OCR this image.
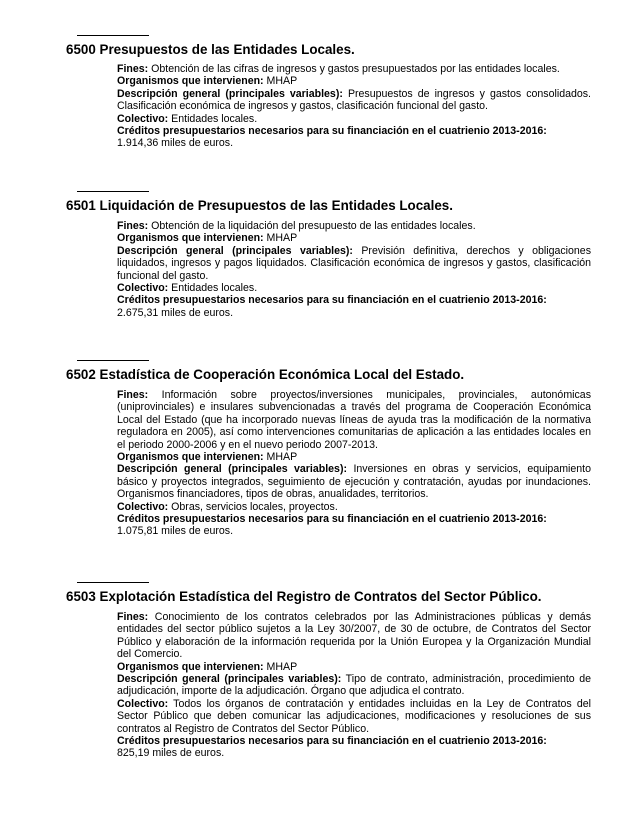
6500 Presupuestos de las Entidades Locales.

Fines: Obtención de las cifras de ingresos y gastos presupuestados por las entidades locales.

Organismos que intervienen: MHAP

Descripción general (principales variables): Presupuestos de ingresos y gastos consolidados. Clasificación económica de ingresos y gastos, clasificación funcional del gasto.

Colectivo: Entidades locales.

Créditos presupuestarios necesarios para su financiación en el cuatrienio 2013-2016:

1.914,36 miles de euros.

6501 Liquidación de Presupuestos de las Entidades Locales.

Fines: Obtención de la liquidación del presupuesto de las entidades locales.

Organismos que intervienen: MHAP

Descripción general (principales variables): Previsión definitiva, derechos y obligaciones liquidados, ingresos y pagos liquidados. Clasificación económica de ingresos y gastos, clasificación funcional del gasto.

Colectivo: Entidades locales.

Créditos presupuestarios necesarios para su financiación en el cuatrienio 2013-2016:

2.675,31 miles de euros.

6502 Estadística de Cooperación Económica Local del Estado.

Fines: Información sobre proyectos/inversiones municipales, provinciales, autonómicas (uniprovinciales) e insulares subvencionadas a través del programa de Cooperación Económica Local del Estado (que ha incorporado nuevas líneas de ayuda tras la modificación de la normativa reguladora en 2005), así como intervenciones comunitarias de aplicación a las entidades locales en el periodo 2000-2006 y en el nuevo periodo 2007-2013.

Organismos que intervienen: MHAP

Descripción general (principales variables): Inversiones en obras y servicios, equipamiento básico y proyectos integrados, seguimiento de ejecución y contratación, ayudas por inundaciones. Organismos financiadores, tipos de obras, anualidades, territorios.

Colectivo: Obras, servicios locales, proyectos.

Créditos presupuestarios necesarios para su financiación en el cuatrienio 2013-2016:

1.075,81 miles de euros.

6503 Explotación Estadística del Registro de Contratos del Sector Público.

Fines: Conocimiento de los contratos celebrados por las Administraciones públicas y demás entidades del sector público sujetos a la Ley 30/2007, de 30 de octubre, de Contratos del Sector Público y elaboración de la información requerida por la Unión Europea y la Organización Mundial del Comercio.

Organismos que intervienen: MHAP

Descripción general (principales variables): Tipo de contrato, administración, procedimiento de adjudicación, importe de la adjudicación. Órgano que adjudica el contrato.

Colectivo: Todos los órganos de contratación y entidades incluidas en la Ley de Contratos del Sector Público que deben comunicar las adjudicaciones, modificaciones y resoluciones de sus contratos al Registro de Contratos del Sector Público.

Créditos presupuestarios necesarios para su financiación en el cuatrienio 2013-2016:

825,19 miles de euros.
